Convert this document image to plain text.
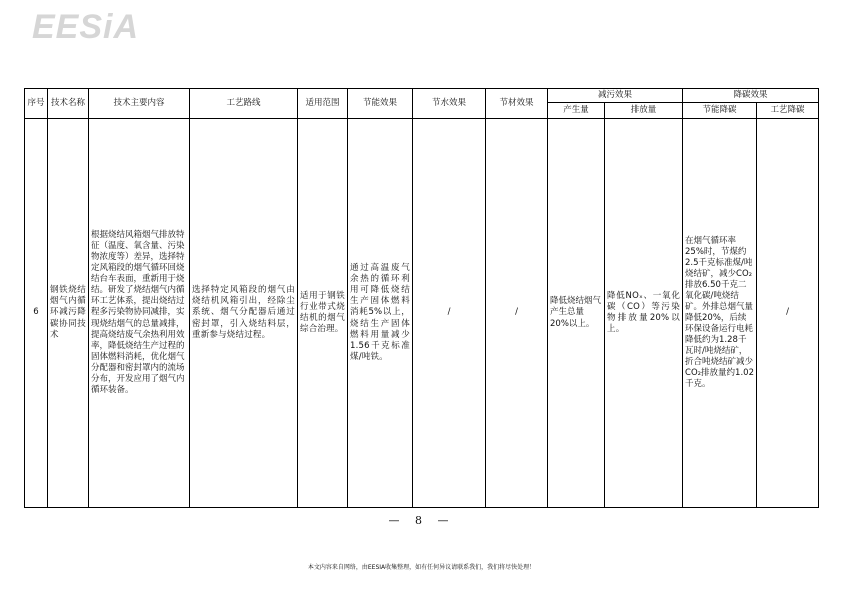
EESiA
序号	技术名称	技术主要内容	工艺路线	适用范围	节能效果	节水效果	节材效果	减污效果		降碳效果	
								产生量	排放量	节能降碳	工艺降碳
6	钢铁烧结烟气内循环减污降碳协同技术	根据烧结风箱烟气排放特征（温度、氧含量、污染物浓度等）差异，选择特定风箱段的烟气循环回烧结台车表面，重新用于烧结。研发了烧结烟气内循环工艺体系，提出烧结过程多污染物协同减排，实现烧结烟气的总量减排，提高烧结废气余热利用效率，降低烧结生产过程的固体燃料消耗，优化烟气分配器和密封罩内的流场分布，开发应用了烟气内循环装备。	选择特定风箱段的烟气由烧结机风箱引出，经除尘系统、烟气分配器后通过密封罩，引入烧结料层，重新参与烧结过程。	适用于钢铁行业带式烧结机的烟气综合治理。	通过高温废气余热的循环利用可降低烧结生产固体燃料消耗5%以上，烧结生产固体燃料用量减少1.56千克标准煤/吨铁。	/	/	降低烧结烟气产生总量20%以上。	降低NOₓ、一氧化碳（CO）等污染物排放量20%以上。	在烟气循环率25%时，节煤约2.5千克标准煤/吨烧结矿，减少CO₂排放6.50千克二氧化碳/吨烧结矿。外排总烟气量降低20%，后续环保设备运行电耗降低约为1.28千瓦时/吨烧结矿，折合吨烧结矿减少CO₂排放量约1.02千克。	/
— 8 —
本文内容来自网络，由EESIA收集整理，如有任何异议请联系我们，我们将尽快处理！
